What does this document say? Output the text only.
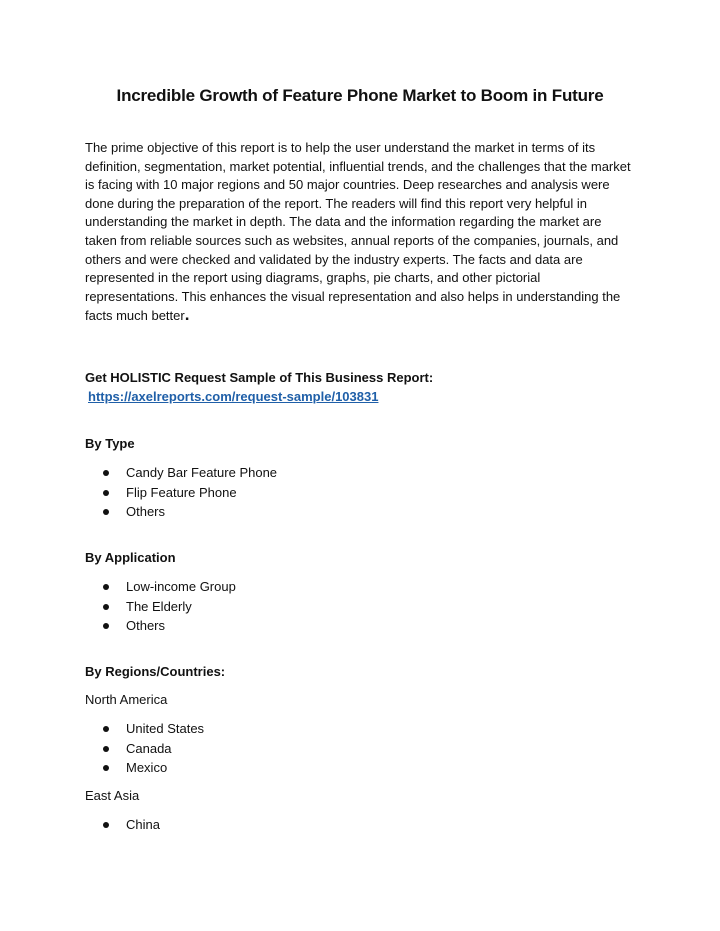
Incredible Growth of Feature Phone Market to Boom in Future

The prime objective of this report is to help the user understand the market in terms of its definition, segmentation, market potential, influential trends, and the challenges that the market is facing with 10 major regions and 50 major countries. Deep researches and analysis were done during the preparation of the report. The readers will find this report very helpful in understanding the market in depth. The data and the information regarding the market are taken from reliable sources such as websites, annual reports of the companies, journals, and others and were checked and validated by the industry experts. The facts and data are represented in the report using diagrams, graphs, pie charts, and other pictorial representations. This enhances the visual representation and also helps in understanding the facts much better.

Get HOLISTIC Request Sample of This Business Report:
https://axelreports.com/request-sample/103831
By Type
Candy Bar Feature Phone
Flip Feature Phone
Others
By Application
Low-income Group
The Elderly
Others
By Regions/Countries:
North America
United States
Canada
Mexico
East Asia
China
